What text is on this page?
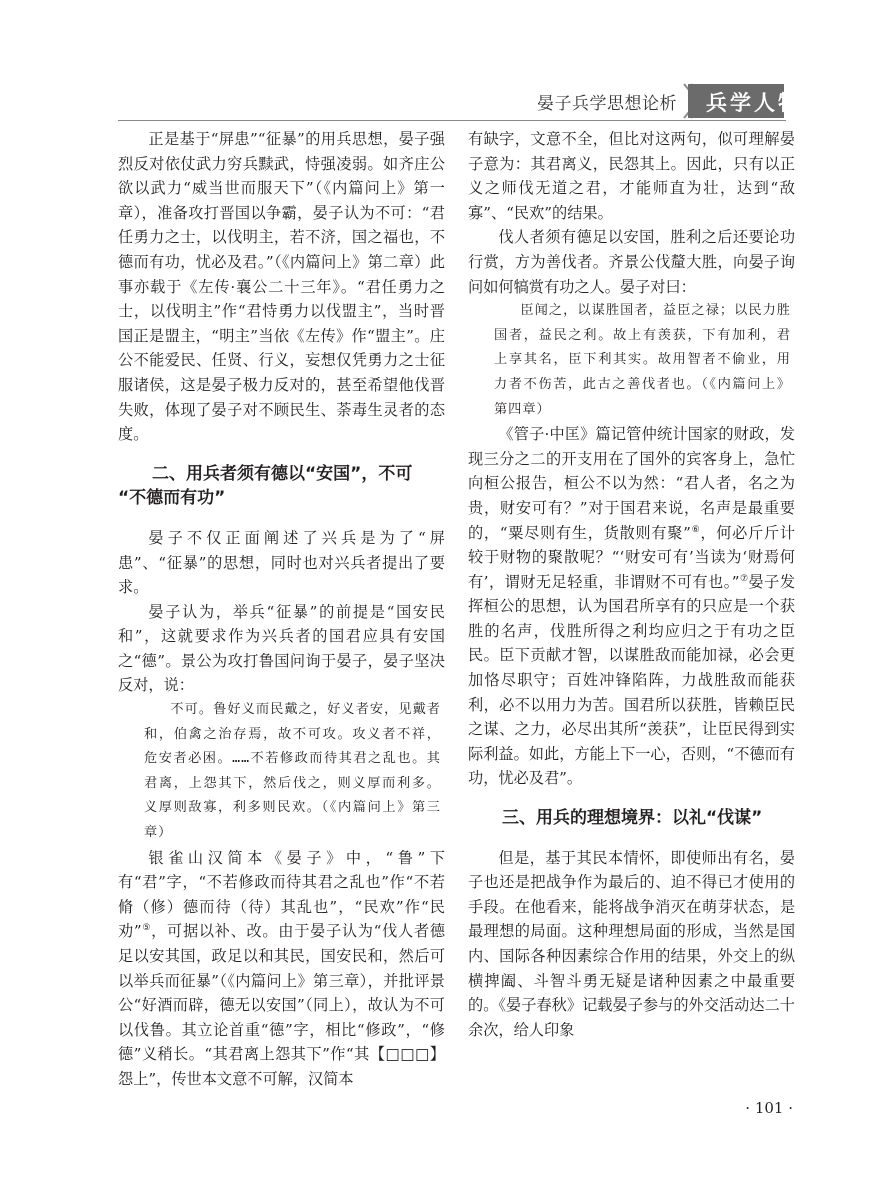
晏子兵学思想论析 兵学人物

正是基于“屏患”“征暴”的用兵思想，晏子强烈反对依仗武力穷兵黩武，恃强凌弱。如齐庄公欲以武力“威当世而服天下”（《内篇问上》第一章），准备攻打晋国以争霸，晏子认为不可：“君任勇力之士，以伐明主，若不济，国之福也，不德而有功，忧必及君。”（《内篇问上》第二章）此事亦载于《左传·襄公二十三年》。“君任勇力之士，以伐明主”作“君恃勇力以伐盟主”，当时晋国正是盟主，“明主”当依《左传》作“盟主”。庄公不能爱民、任贤、行义，妄想仅凭勇力之士征服诸侯，这是晏子极力反对的，甚至希望他伐晋失败，体现了晏子对不顾民生、荼毒生灵者的态度。

二、用兵者须有德以“安国”，不可
“不德而有功”

晏子不仅正面阐述了兴兵是为了“屏患”、“征暴”的思想，同时也对兴兵者提出了要求。

晏子认为，举兵“征暴”的前提是“国安民和”，这就要求作为兴兵者的国君应具有安国之“德”。景公为攻打鲁国问询于晏子，晏子坚决反对，说：

不可。鲁好义而民戴之，好义者安，见戴者和，伯禽之治存焉，故不可攻。攻义者不祥，危安者必困。……不若修政而待其君之乱也。其君离，上怨其下，然后伐之，则义厚而利多。义厚则敌寡，利多则民欢。（《内篇问上》第三章）

银雀山汉简本《晏子》中，“鲁”下有“君”字，“不若修政而待其君之乱也”作“不若脩（修）德而待（待）其乱也”，“民欢”作“民劝”⑤，可据以补、改。由于晏子认为“伐人者德足以安其国，政足以和其民，国安民和，然后可以举兵而征暴”（《内篇问上》第三章），并批评景公“好酒而辟，德无以安国”（同上），故认为不可以伐鲁。其立论首重“德”字，相比“修政”，“修德”义稍长。“其君离上怨其下”作“其【□□□】怨上”，传世本文意不可解，汉简本

有缺字，文意不全，但比对这两句，似可理解晏子意为：其君离义，民怨其上。因此，只有以正义之师伐无道之君，才能师直为壮，达到“敌寡”、“民欢”的结果。

伐人者须有德足以安国，胜利之后还要论功行赏，方为善伐者。齐景公伐釐大胜，向晏子询问如何犒赏有功之人。晏子对曰：

臣闻之，以谋胜国者，益臣之禄；以民力胜国者，益民之利。故上有羡获，下有加利，君上享其名，臣下利其实。故用智者不偷业，用力者不伤苦，此古之善伐者也。（《内篇问上》第四章）

《管子·中匡》篇记管仲统计国家的财政，发现三分之二的开支用在了国外的宾客身上，急忙向桓公报告，桓公不以为然：“君人者，名之为贵，财安可有？”对于国君来说，名声是最重要的，“粟尽则有生，货散则有聚”⑥，何必斤斤计较于财物的聚散呢？“‘财安可有’当读为‘财焉何有’，谓财无足轻重，非谓财不可有也。”⑦晏子发挥桓公的思想，认为国君所享有的只应是一个获胜的名声，伐胜所得之利均应归之于有功之臣民。臣下贡献才智，以谋胜敌而能加禄，必会更加恪尽职守；百姓冲锋陷阵，力战胜敌而能获利，必不以用力为苦。国君所以获胜，皆赖臣民之谋、之力，必尽出其所“羡获”，让臣民得到实际利益。如此，方能上下一心，否则，“不德而有功，忧必及君”。

三、用兵的理想境界：以礼“伐谋”

但是，基于其民本情怀，即使师出有名，晏子也还是把战争作为最后的、迫不得已才使用的手段。在他看来，能将战争消灭在萌芽状态，是最理想的局面。这种理想局面的形成，当然是国内、国际各种因素综合作用的结果，外交上的纵横捭阖、斗智斗勇无疑是诸种因素之中最重要的。《晏子春秋》记载晏子参与的外交活动达二十余次，给人印象

· 101 ·
